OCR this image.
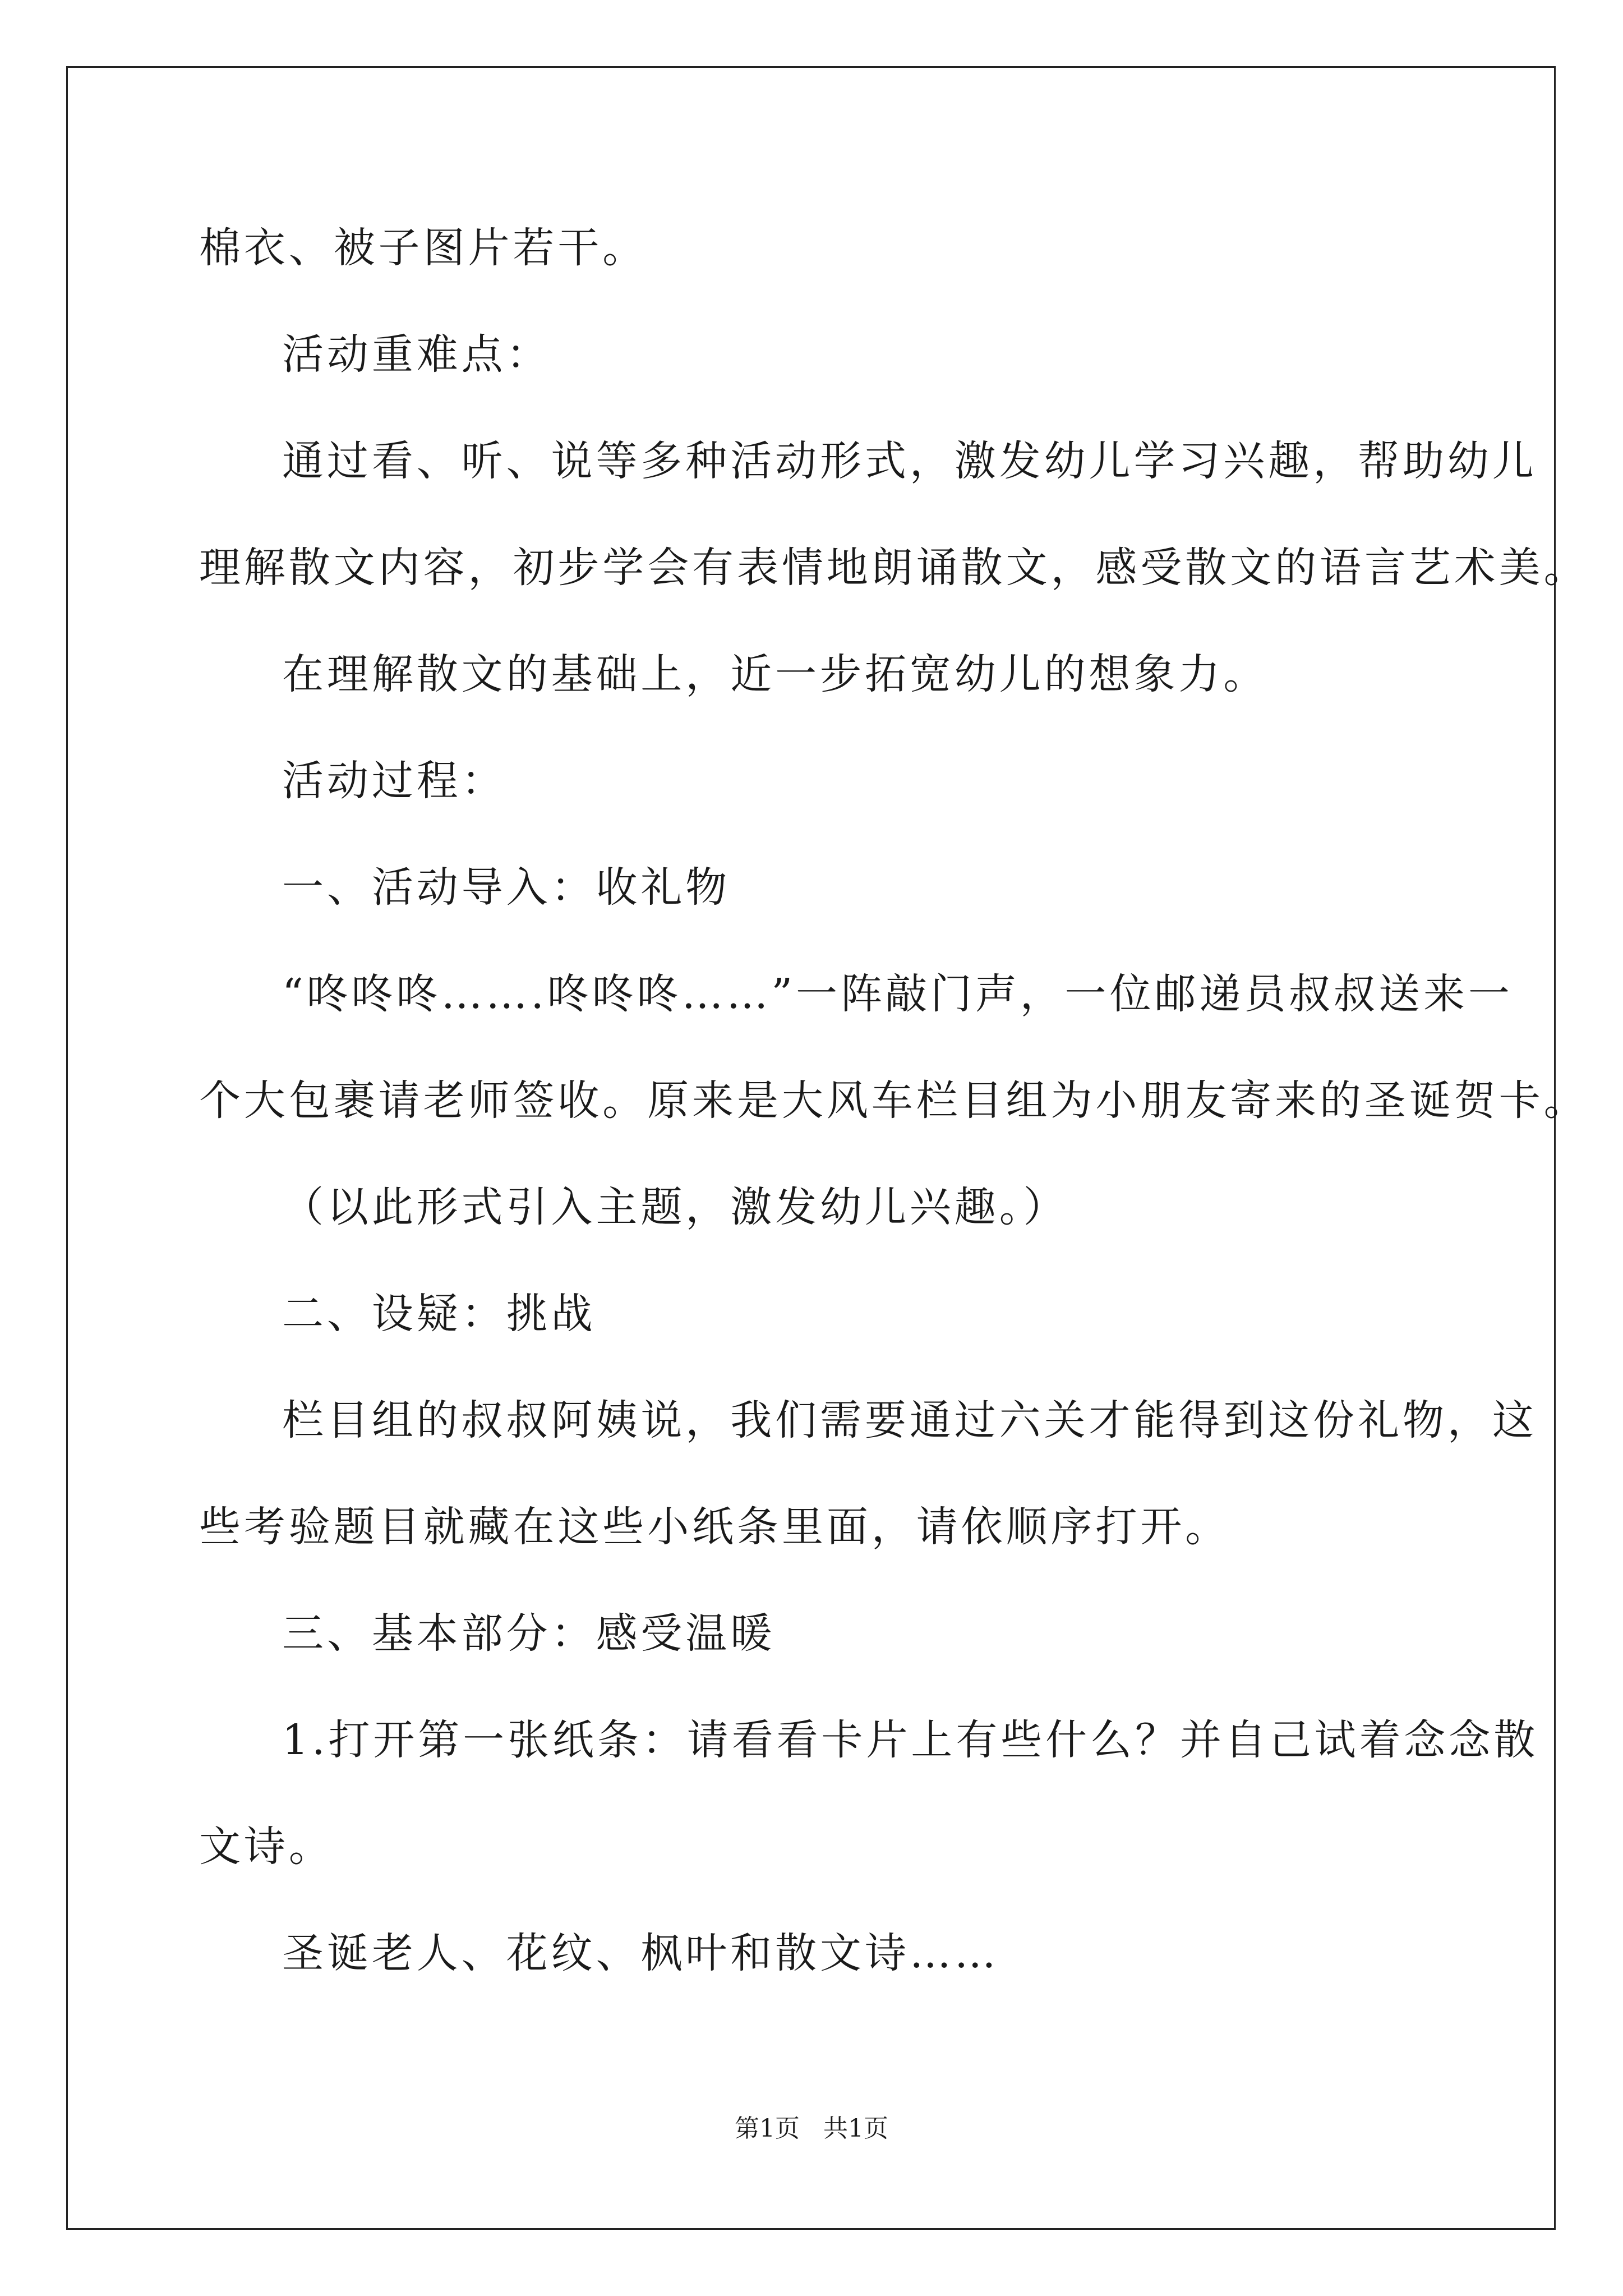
棉衣、被子图片若干。
活动重难点：
通过看、听、说等多种活动形式，激发幼儿学习兴趣，帮助幼儿
理解散文内容，初步学会有表情地朗诵散文，感受散文的语言艺术美。
在理解散文的基础上，近一步拓宽幼儿的想象力。
活动过程：
一、活动导入：收礼物
“咚咚咚…….咚咚咚……”一阵敲门声，一位邮递员叔叔送来一
个大包裹请老师签收。原来是大风车栏目组为小朋友寄来的圣诞贺卡。
（以此形式引入主题，激发幼儿兴趣。）
二、设疑：挑战
栏目组的叔叔阿姨说，我们需要通过六关才能得到这份礼物，这
些考验题目就藏在这些小纸条里面，请依顺序打开。
三、基本部分：感受温暖
1.打开第一张纸条：请看看卡片上有些什么？并自己试着念念散
文诗。
圣诞老人、花纹、枫叶和散文诗……
第1页   共1页
